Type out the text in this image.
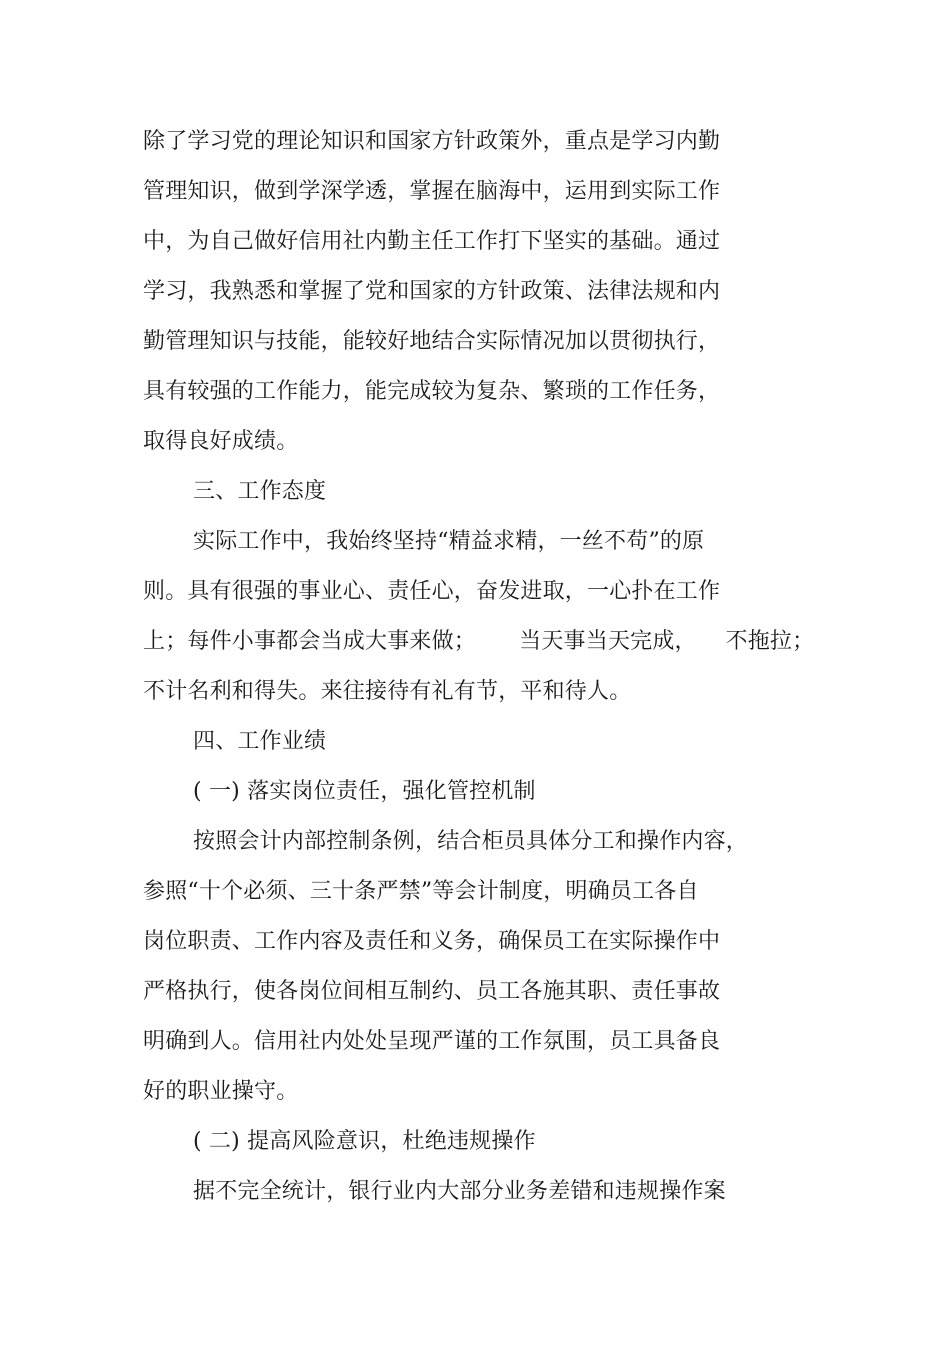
除了学习党的理论知识和国家方针政策外，重点是学习内勤
管理知识，做到学深学透，掌握在脑海中，运用到实际工作
中，为自己做好信用社内勤主任工作打下坚实的基础。通过
学习，我熟悉和掌握了党和国家的方针政策、法律法规和内
勤管理知识与技能，能较好地结合实际情况加以贯彻执行，
具有较强的工作能力，能完成较为复杂、繁琐的工作任务，
取得良好成绩。
三、工作态度
实际工作中，我始终坚持“精益求精，一丝不苟”的原
则。具有很强的事业心、责任心，奋发进取，一心扑在工作
上；每件小事都会当成大事来做；      当天事当天完成，    不拖拉；
不计名利和得失。来往接待有礼有节，平和待人。
四、工作业绩
( 一) 落实岗位责任，强化管控机制
按照会计内部控制条例，结合柜员具体分工和操作内容，
参照“十个必须、三十条严禁”等会计制度，明确员工各自
岗位职责、工作内容及责任和义务，确保员工在实际操作中
严格执行，使各岗位间相互制约、员工各施其职、责任事故
明确到人。信用社内处处呈现严谨的工作氛围，员工具备良
好的职业操守。
( 二) 提高风险意识，杜绝违规操作
据不完全统计，银行业内大部分业务差错和违规操作案
